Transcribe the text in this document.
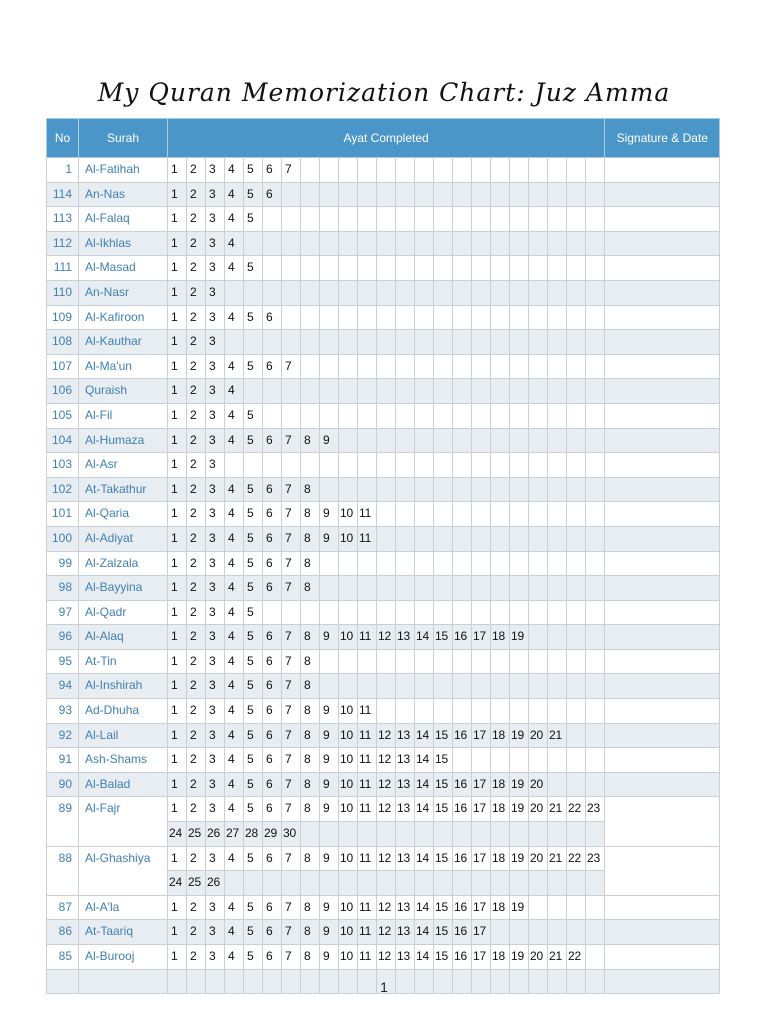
My Quran Memorization Chart: Juz Amma
No	Surah	Ayat Completed																							Signature & Date
1	Al-Fatihah	1	2	3	4	5	6	7																	
114	An-Nas	1	2	3	4	5	6																		
113	Al-Falaq	1	2	3	4	5																			
112	Al-Ikhlas	1	2	3	4																				
111	Al-Masad	1	2	3	4	5																			
110	An-Nasr	1	2	3																					
109	Al-Kafiroon	1	2	3	4	5	6																		
108	Al-Kauthar	1	2	3																					
107	Al-Ma'un	1	2	3	4	5	6	7																	
106	Quraish	1	2	3	4																				
105	Al-Fil	1	2	3	4	5																			
104	Al-Humaza	1	2	3	4	5	6	7	8	9															
103	Al-Asr	1	2	3																					
102	At-Takathur	1	2	3	4	5	6	7	8																
101	Al-Qaria	1	2	3	4	5	6	7	8	9	10	11													
100	Al-Adiyat	1	2	3	4	5	6	7	8	9	10	11													
99	Al-Zalzala	1	2	3	4	5	6	7	8																
98	Al-Bayyina	1	2	3	4	5	6	7	8																
97	Al-Qadr	1	2	3	4	5																			
96	Al-Alaq	1	2	3	4	5	6	7	8	9	10	11	12	13	14	15	16	17	18	19					
95	At-Tin	1	2	3	4	5	6	7	8																
94	Al-Inshirah	1	2	3	4	5	6	7	8																
93	Ad-Dhuha	1	2	3	4	5	6	7	8	9	10	11													
92	Al-Lail	1	2	3	4	5	6	7	8	9	10	11	12	13	14	15	16	17	18	19	20	21			
91	Ash-Shams	1	2	3	4	5	6	7	8	9	10	11	12	13	14	15									
90	Al-Balad	1	2	3	4	5	6	7	8	9	10	11	12	13	14	15	16	17	18	19	20				
89	Al-Fajr	1	2	3	4	5	6	7	8	9	10	11	12	13	14	15	16	17	18	19	20	21	22	23	
		24	25	26	27	28	29	30																	
88	Al-Ghashiya	1	2	3	4	5	6	7	8	9	10	11	12	13	14	15	16	17	18	19	20	21	22	23	
		24	25	26																					
87	Al-A'la	1	2	3	4	5	6	7	8	9	10	11	12	13	14	15	16	17	18	19					
86	At-Taariq	1	2	3	4	5	6	7	8	9	10	11	12	13	14	15	16	17							
85	Al-Burooj	1	2	3	4	5	6	7	8	9	10	11	12	13	14	15	16	17	18	19	20	21	22		

1
